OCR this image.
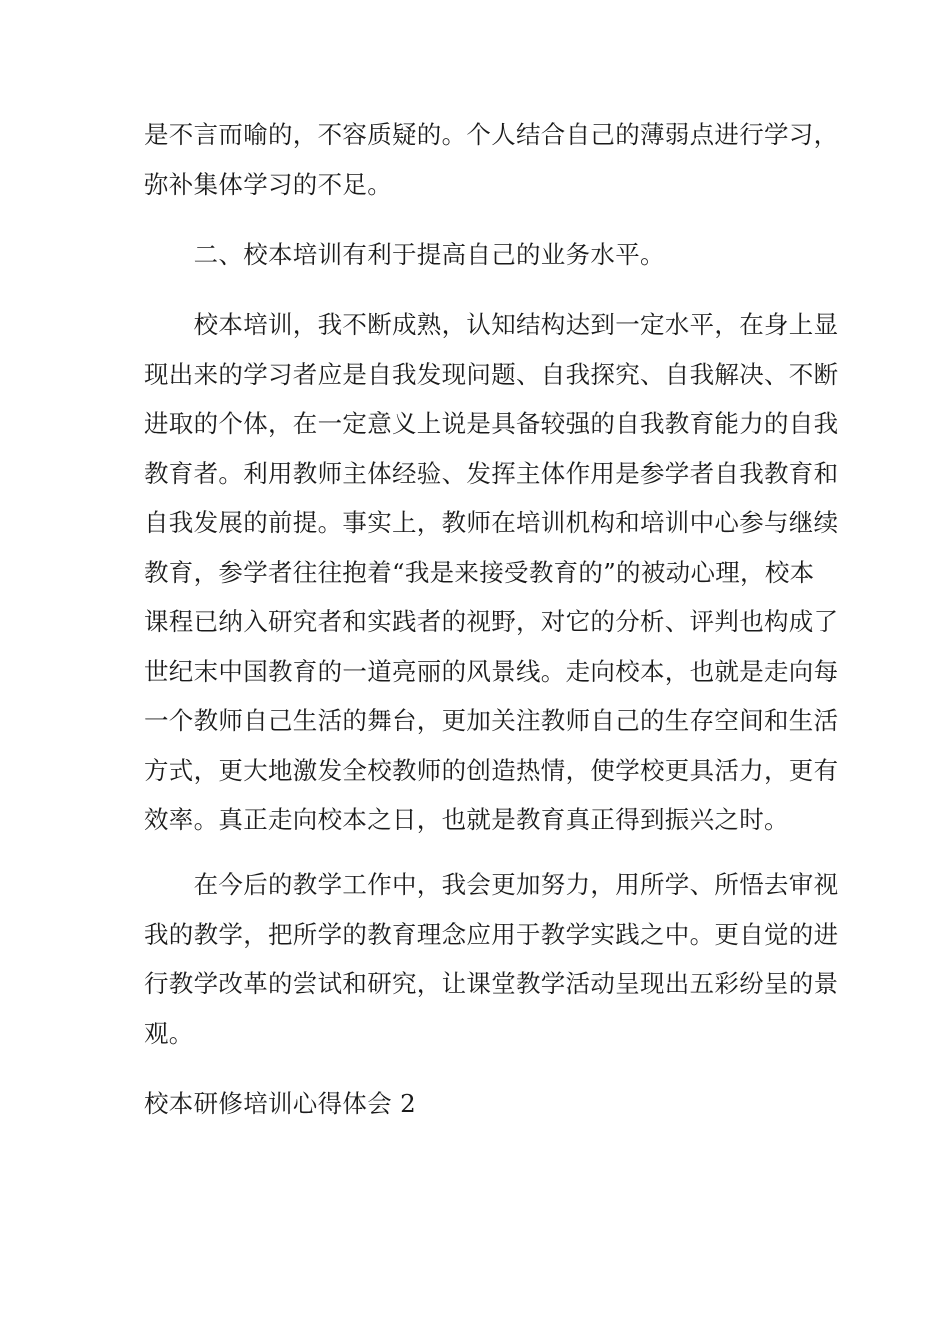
是不言而喻的，不容质疑的。个人结合自己的薄弱点进行学习，
弥补集体学习的不足。

　　二、校本培训有利于提高自己的业务水平。

　　校本培训，我不断成熟，认知结构达到一定水平，在身上显
现出来的学习者应是自我发现问题、自我探究、自我解决、不断
进取的个体，在一定意义上说是具备较强的自我教育能力的自我
教育者。利用教师主体经验、发挥主体作用是参学者自我教育和
自我发展的前提。事实上，教师在培训机构和培训中心参与继续
教育，参学者往往抱着“我是来接受教育的”的被动心理，校本
课程已纳入研究者和实践者的视野，对它的分析、评判也构成了
世纪末中国教育的一道亮丽的风景线。走向校本，也就是走向每
一个教师自己生活的舞台，更加关注教师自己的生存空间和生活
方式，更大地激发全校教师的创造热情，使学校更具活力，更有
效率。真正走向校本之日，也就是教育真正得到振兴之时。

　　在今后的教学工作中，我会更加努力，用所学、所悟去审视
我的教学，把所学的教育理念应用于教学实践之中。更自觉的进
行教学改革的尝试和研究，让课堂教学活动呈现出五彩纷呈的景
观。

校本研修培训心得体会 2
